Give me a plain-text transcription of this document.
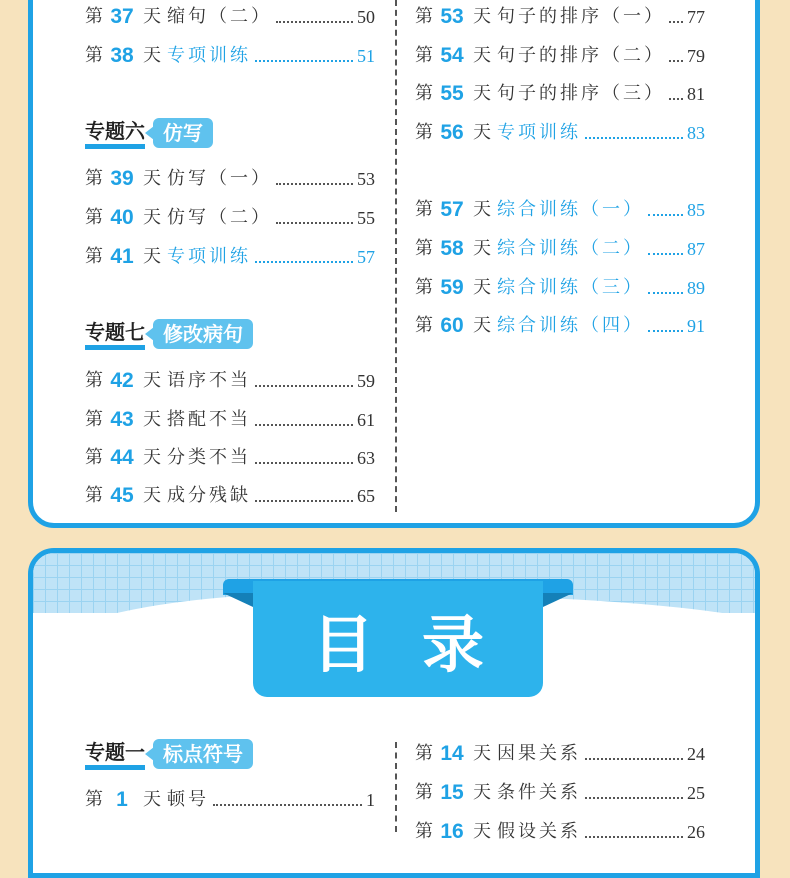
专题六 仿写
专题七 修改病句
目录
专题一 标点符号
第 37 天 缩句（二）	50
第 38 天 专项训练	51
第 39 天 仿写（一）	53
第 40 天 仿写（二）	55
第 41 天 专项训练	57
第 42 天 语序不当	59
第 43 天 搭配不当	61
第 44 天 分类不当	63
第 45 天 成分残缺	65
第 53 天 句子的排序（一） 77
第 54 天 句子的排序（二） 79
第 55 天 句子的排序（三） 81
第 56 天 专项训练	83
第 57 天 综合训练（一） 85
第 58 天 综合训练（二） 87
第 59 天 综合训练（三） 89
第 60 天 综合训练（四） 91
第 1 天 顿号	1
第 14 天 因果关系	24
第 15 天 条件关系	25
第 16 天 假设关系	26
